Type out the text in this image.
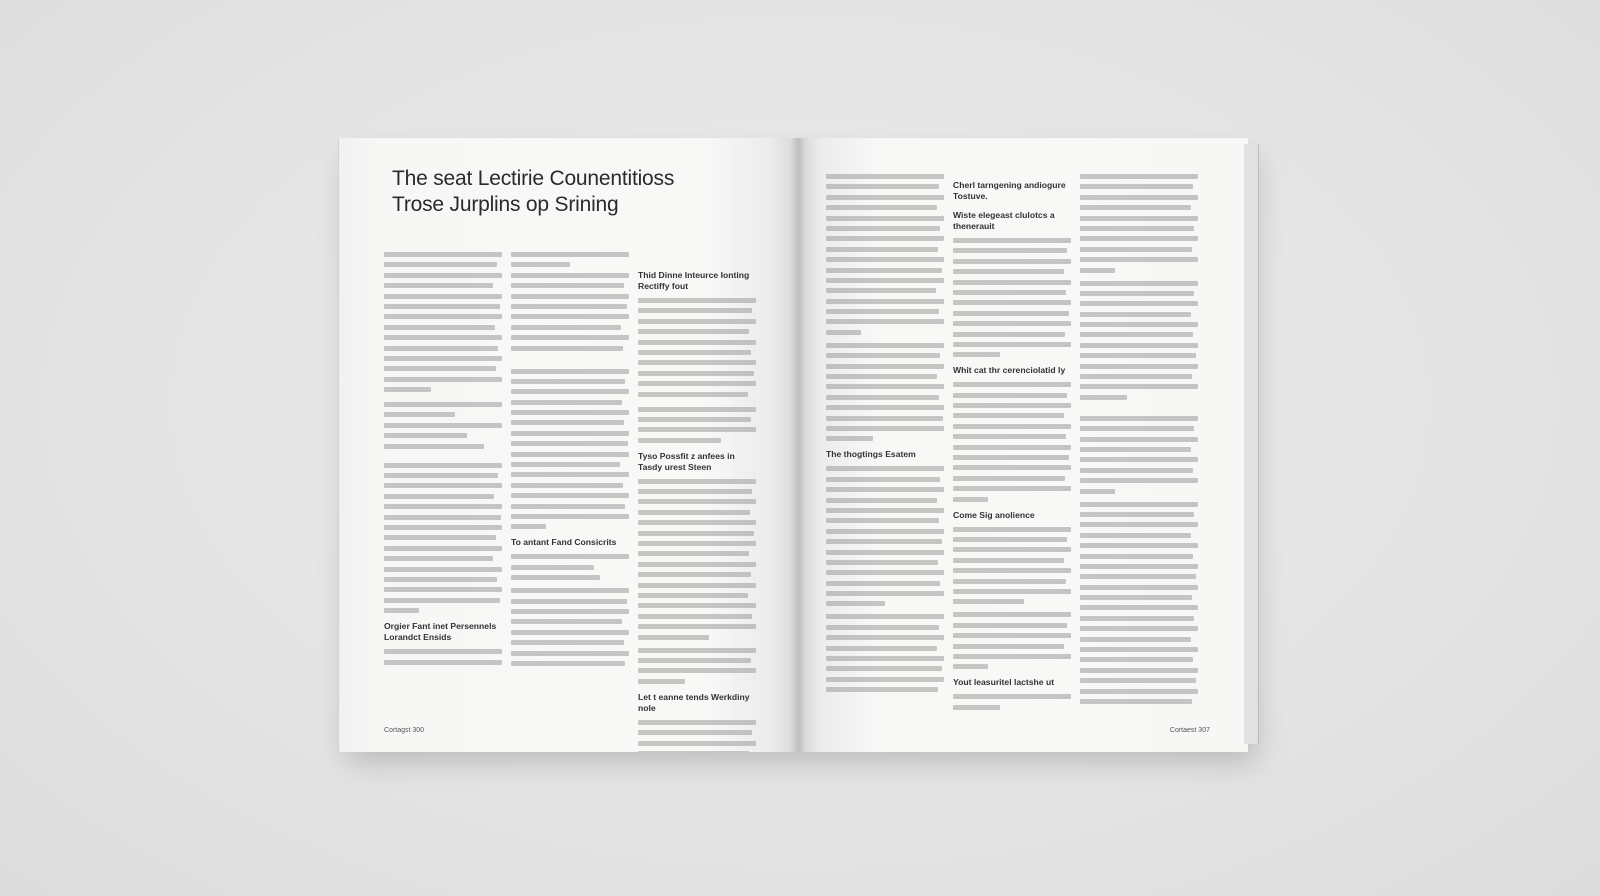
The seat Lectirie Counentitioss
Trose Jurplins op Srining
Orgier Fant inet Persennels Lorandct Ensids
To antant Fand Consicrits
Thid Dinne Inteurce Ionting Rectiffy fout
Tyso Possfit z anfees in Tasdy urest Steen
Let t eanne tends Werkdiny nole
Cortagst 300
The thogtings Esatem
Cherl tarngening andiogure Tostuve.
Wiste elegeast clulotcs a thenerauit
Whit cat thr cerenciolatid ly
Come Sig anolience
Yout leasuritel lactshe ut
Cortaest 307
